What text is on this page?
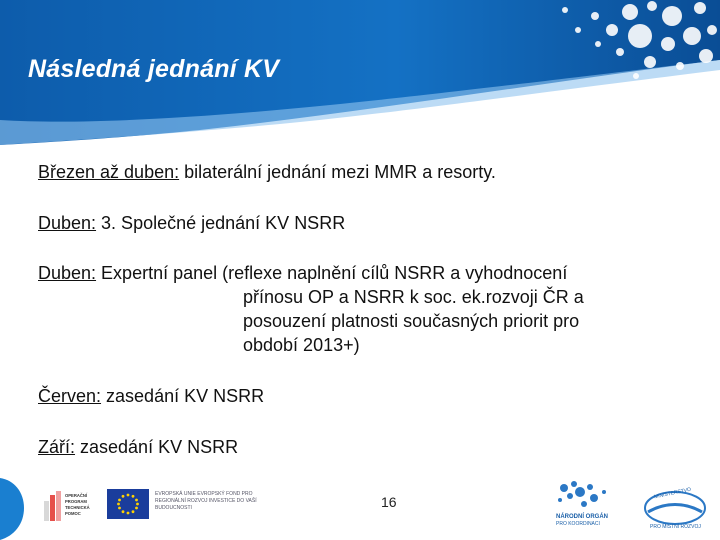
Následná jednání KV

Březen až duben: bilaterální jednání mezi MMR a resorty.

Duben: 3. Společné jednání KV NSRR

Duben: Expertní panel (reflexe naplnění cílů NSRR a vyhodnocení
přínosu OP a NSRR k soc. ek.rozvoji ČR a
posouzení platnosti současných priorit pro
období 2013+)

Červen: zasedání KV NSRR

Září: zasedání KV NSRR

OPERAČNÍ
PROGRAM
TECHNICKÁ
POMOC
EVROPSKÁ UNIE EVROPSKÝ FOND PRO REGIONÁLNÍ ROZVOJ INVESTICE DO VAŠÍ BUDOUCNOSTI	16
NÁRODNÍ ORGÁN
PRO KOORDINACI
MINISTERSTVO
PRO MÍSTNÍ ROZVOJ
